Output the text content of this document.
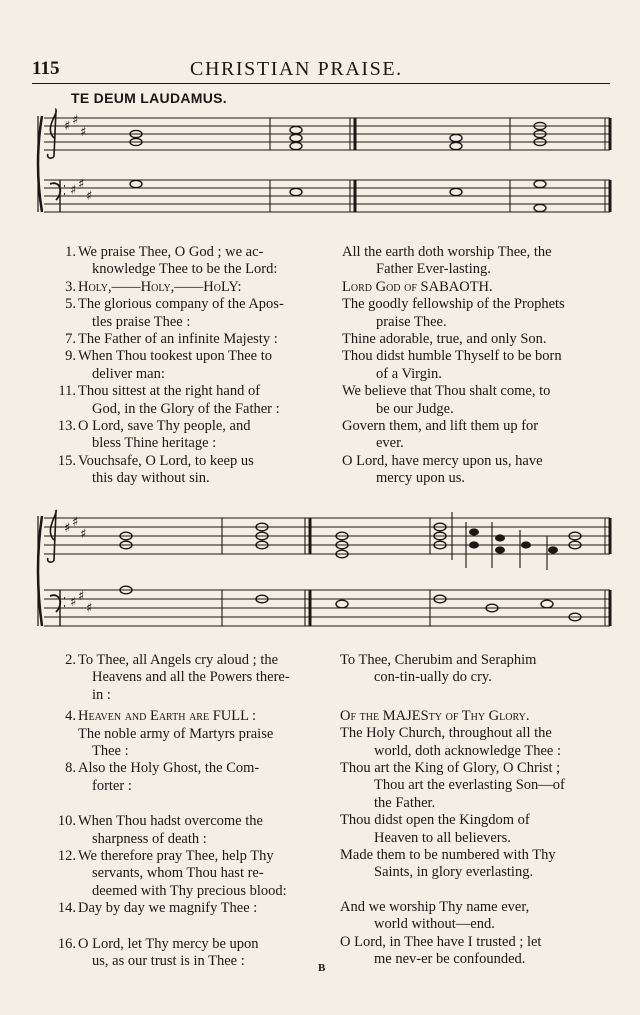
115	CHRISTIAN PRAISE.
TE DEUM LAUDAMUS.
♯ ♯
♯
♯ ♯
♯
1. We praise Thee, O God ; we ac-
knowledge Thee to be the Lord:
3. Holy,——Holy,——HoLY:
5. The glorious company of the Apos-
tles praise Thee :
7. The Father of an infinite Majesty :
9. When Thou tookest upon Thee to
deliver man:
11. Thou sittest at the right hand of
God, in the Glory of the Father :
13. O Lord, save Thy people, and
bless Thine heritage :
15. Vouchsafe, O Lord, to keep us
this day without sin.
All the earth doth worship Thee, the
Father Ever-lasting.
Lord God of SABAOTH.
The goodly fellowship of the Prophets
praise Thee.
Thine adorable, true, and only Son.
Thou didst humble Thyself to be born
of a Virgin.
We believe that Thou shalt come, to
be our Judge.
Govern them, and lift them up for
ever.
O Lord, have mercy upon us, have
mercy upon us.
♯ ♯
♯
♯ ♯
♯
2. To Thee, all Angels cry aloud ; the
Heavens and all the Powers there-
in :
4. Heaven and Earth are FULL :
The noble army of Martyrs praise
Thee :
8. Also the Holy Ghost, the Com-
forter :
10. When Thou hadst overcome the
sharpness of death :
12. We therefore pray Thee, help Thy
servants, whom Thou hast re-
deemed with Thy precious blood:
14. Day by day we magnify Thee :
16. O Lord, let Thy mercy be upon
us, as our trust is in Thee :
To Thee, Cherubim and Seraphim
con-tin-ually do cry.
Of the MAJESty of Thy Glory.
The Holy Church, throughout all the
world, doth acknowledge Thee :
Thou art the King of Glory, O Christ ;
Thou art the everlasting Son—of
the Father.
Thou didst open the Kingdom of
Heaven to all believers.
Made them to be numbered with Thy
Saints, in glory everlasting.
And we worship Thy name ever,
world without—end.
O Lord, in Thee have I trusted ; let
me nev-er be confounded.
B
